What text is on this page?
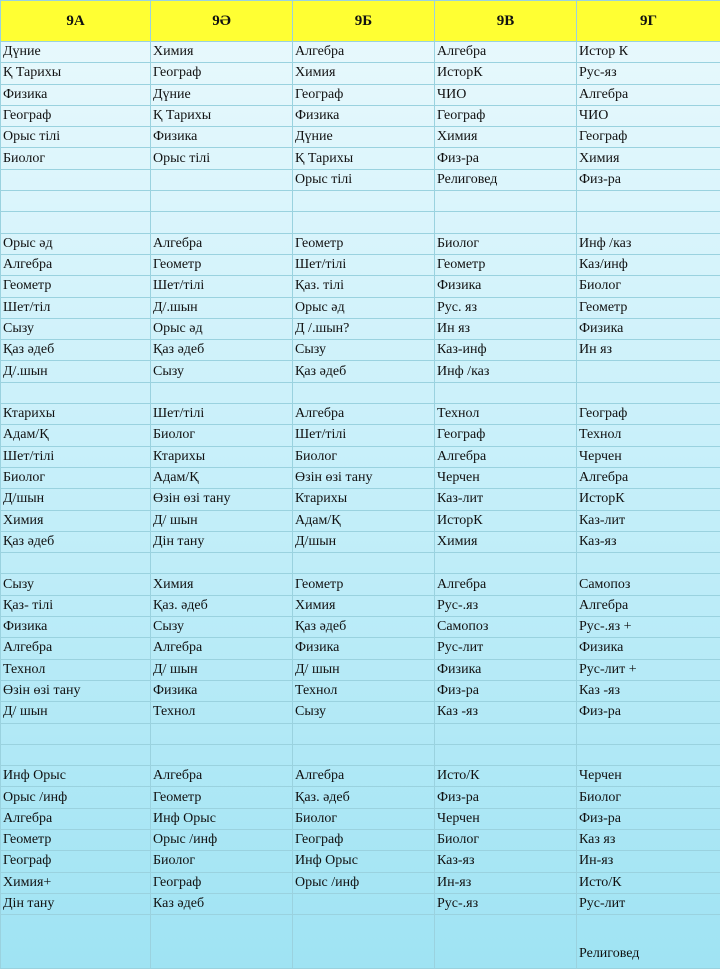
9А	9Ә	9Б	9В	9Г
Дүние	Химия	Алгебра	Алгебра	Истор К
Қ Тарихы	Географ	Химия	ИсторК	Рус-яз
Физика	Дүние	Географ	ЧИО	Алгебра
Географ	Қ Тарихы	Физика	Географ	ЧИО
Орыс тілі	Физика	Дүние	Химия	Географ
Биолог	Орыс тілі	Қ Тарихы	Физ-ра	Химия
		Орыс тілі	Религовед	Физ-ра

Орыс әд	Алгебра	Геометр	Биолог	Инф /каз
Алгебра	Геометр	Шет/тілі	Геометр	Каз/инф
Геометр	Шет/тілі	Қаз. тілі	Физика	Биолог
Шет/тіл	Д/.шын	Орыс әд	Рус. яз	Геометр
Сызу	Орыс әд	Д /.шын?	Ин яз	Физика
Қаз әдеб	Қаз әдеб	Сызу	Каз-инф	Ин яз
Д/.шын	Сызу	Қаз әдеб	Инф /каз	

Ктарихы	Шет/тілі	Алгебра	Технол	Географ
Адам/Қ	Биолог	Шет/тілі	Географ	Технол
Шет/тілі	Ктарихы	Биолог	Алгебра	Черчен
Биолог	Адам/Қ	Өзін өзі тану	Черчен	Алгебра
Д/шын	Өзін өзі тану	Ктарихы	Каз-лит	ИсторК
Химия	Д/ шын	Адам/Қ	ИсторК	Каз-лит
Қаз әдеб	Дін тану	Д/шын	Химия	Каз-яз

Сызу	Химия	Геометр	Алгебра	Самопоз
Қаз- тілі	Қаз. әдеб	Химия	Рус-.яз	Алгебра
Физика	Сызу	Қаз әдеб	Самопоз	Рус-.яз +
Алгебра	Алгебра	Физика	Рус-лит	Физика
Технол	Д/ шын	Д/ шын	Физика	Рус-лит +
Өзін өзі тану	Физика	Технол	Физ-ра	Каз -яз
Д/ шын	Технол	Сызу	Каз -яз	Физ-ра

Инф Орыс	Алгебра	Алгебра	Исто/К	Черчен
Орыс /инф	Геометр	Қаз. әдеб	Физ-ра	Биолог
Алгебра	Инф Орыс	Биолог	Черчен	Физ-ра
Геометр	Орыс /инф	Географ	Биолог	Каз яз
Географ	Биолог	Инф Орыс	Каз-яз	Ин-яз
Химия+	Географ	Орыс /инф	Ин-яз	Исто/К
Дін тану	Каз әдеб		Рус-.яз	Рус-лит
				Религовед
